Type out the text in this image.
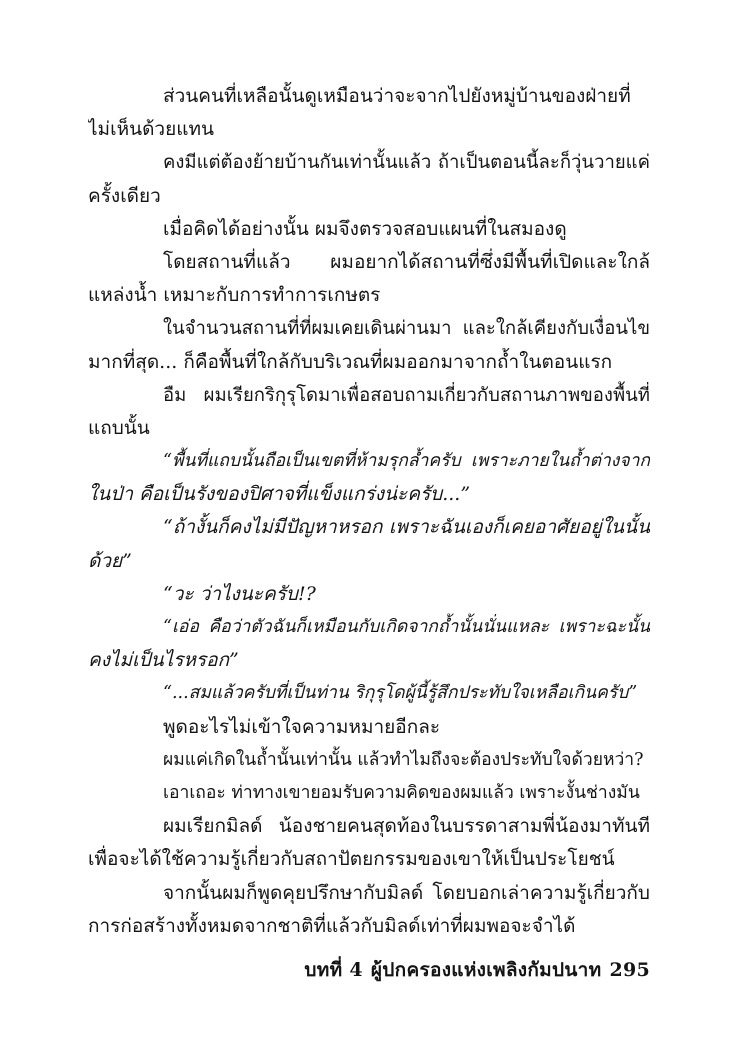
ส่วนคนที่เหลือนั้นดูเหมือนว่าจะจากไปยังหมู่บ้านของฝ่ายที่
ไม่เห็นด้วยแทน

คงมีแต่ต้องย้ายบ้านกันเท่านั้นแล้ว ถ้าเป็นตอนนี้ละก็วุ่นวายแค่
ครั้งเดียว

เมื่อคิดได้อย่างนั้น ผมจึงตรวจสอบแผนที่ในสมองดู

โดยสถานที่แล้ว ผมอยากได้สถานที่ซึ่งมีพื้นที่เปิดและใกล้
แหล่งน้ำ เหมาะกับการทำการเกษตร

ในจำนวนสถานที่ที่ผมเคยเดินผ่านมา และใกล้เคียงกับเงื่อนไข
มากที่สุด... ก็คือพื้นที่ใกล้กับบริเวณที่ผมออกมาจากถ้ำในตอนแรก

อืม ผมเรียกริกุรุโดมาเพื่อสอบถามเกี่ยวกับสถานภาพของพื้นที่
แถบนั้น

“พื้นที่แถบนั้นถือเป็นเขตที่ห้ามรุกล้ำครับ เพราะภายในถ้ำต่างจาก
ในป่า คือเป็นรังของปิศาจที่แข็งแกร่งน่ะครับ...”

“ถ้างั้นก็คงไม่มีปัญหาหรอก เพราะฉันเองก็เคยอาศัยอยู่ในนั้น
ด้วย”

“วะ ว่าไงนะครับ!?

“เอ่อ คือว่าตัวฉันก็เหมือนกับเกิดจากถ้ำนั้นนั่นแหละ เพราะฉะนั้น
คงไม่เป็นไรหรอก”

“...สมแล้วครับที่เป็นท่าน ริกุรุโดผู้นี้รู้สึกประทับใจเหลือเกินครับ”

พูดอะไรไม่เข้าใจความหมายอีกละ

ผมแค่เกิดในถ้ำนั้นเท่านั้น แล้วทำไมถึงจะต้องประทับใจด้วยหว่า?

เอาเถอะ ท่าทางเขายอมรับความคิดของผมแล้ว เพราะงั้นช่างมัน

ผมเรียกมิลด์ น้องชายคนสุดท้องในบรรดาสามพี่น้องมาทันที
เพื่อจะได้ใช้ความรู้เกี่ยวกับสถาปัตยกรรมของเขาให้เป็นประโยชน์

จากนั้นผมก็พูดคุยปรึกษากับมิลด์ โดยบอกเล่าความรู้เกี่ยวกับ
การก่อสร้างทั้งหมดจากชาติที่แล้วกับมิลด์เท่าที่ผมพอจะจำได้

บทที่ 4 ผู้ปกครองแห่งเพลิงกัมปนาท 295
